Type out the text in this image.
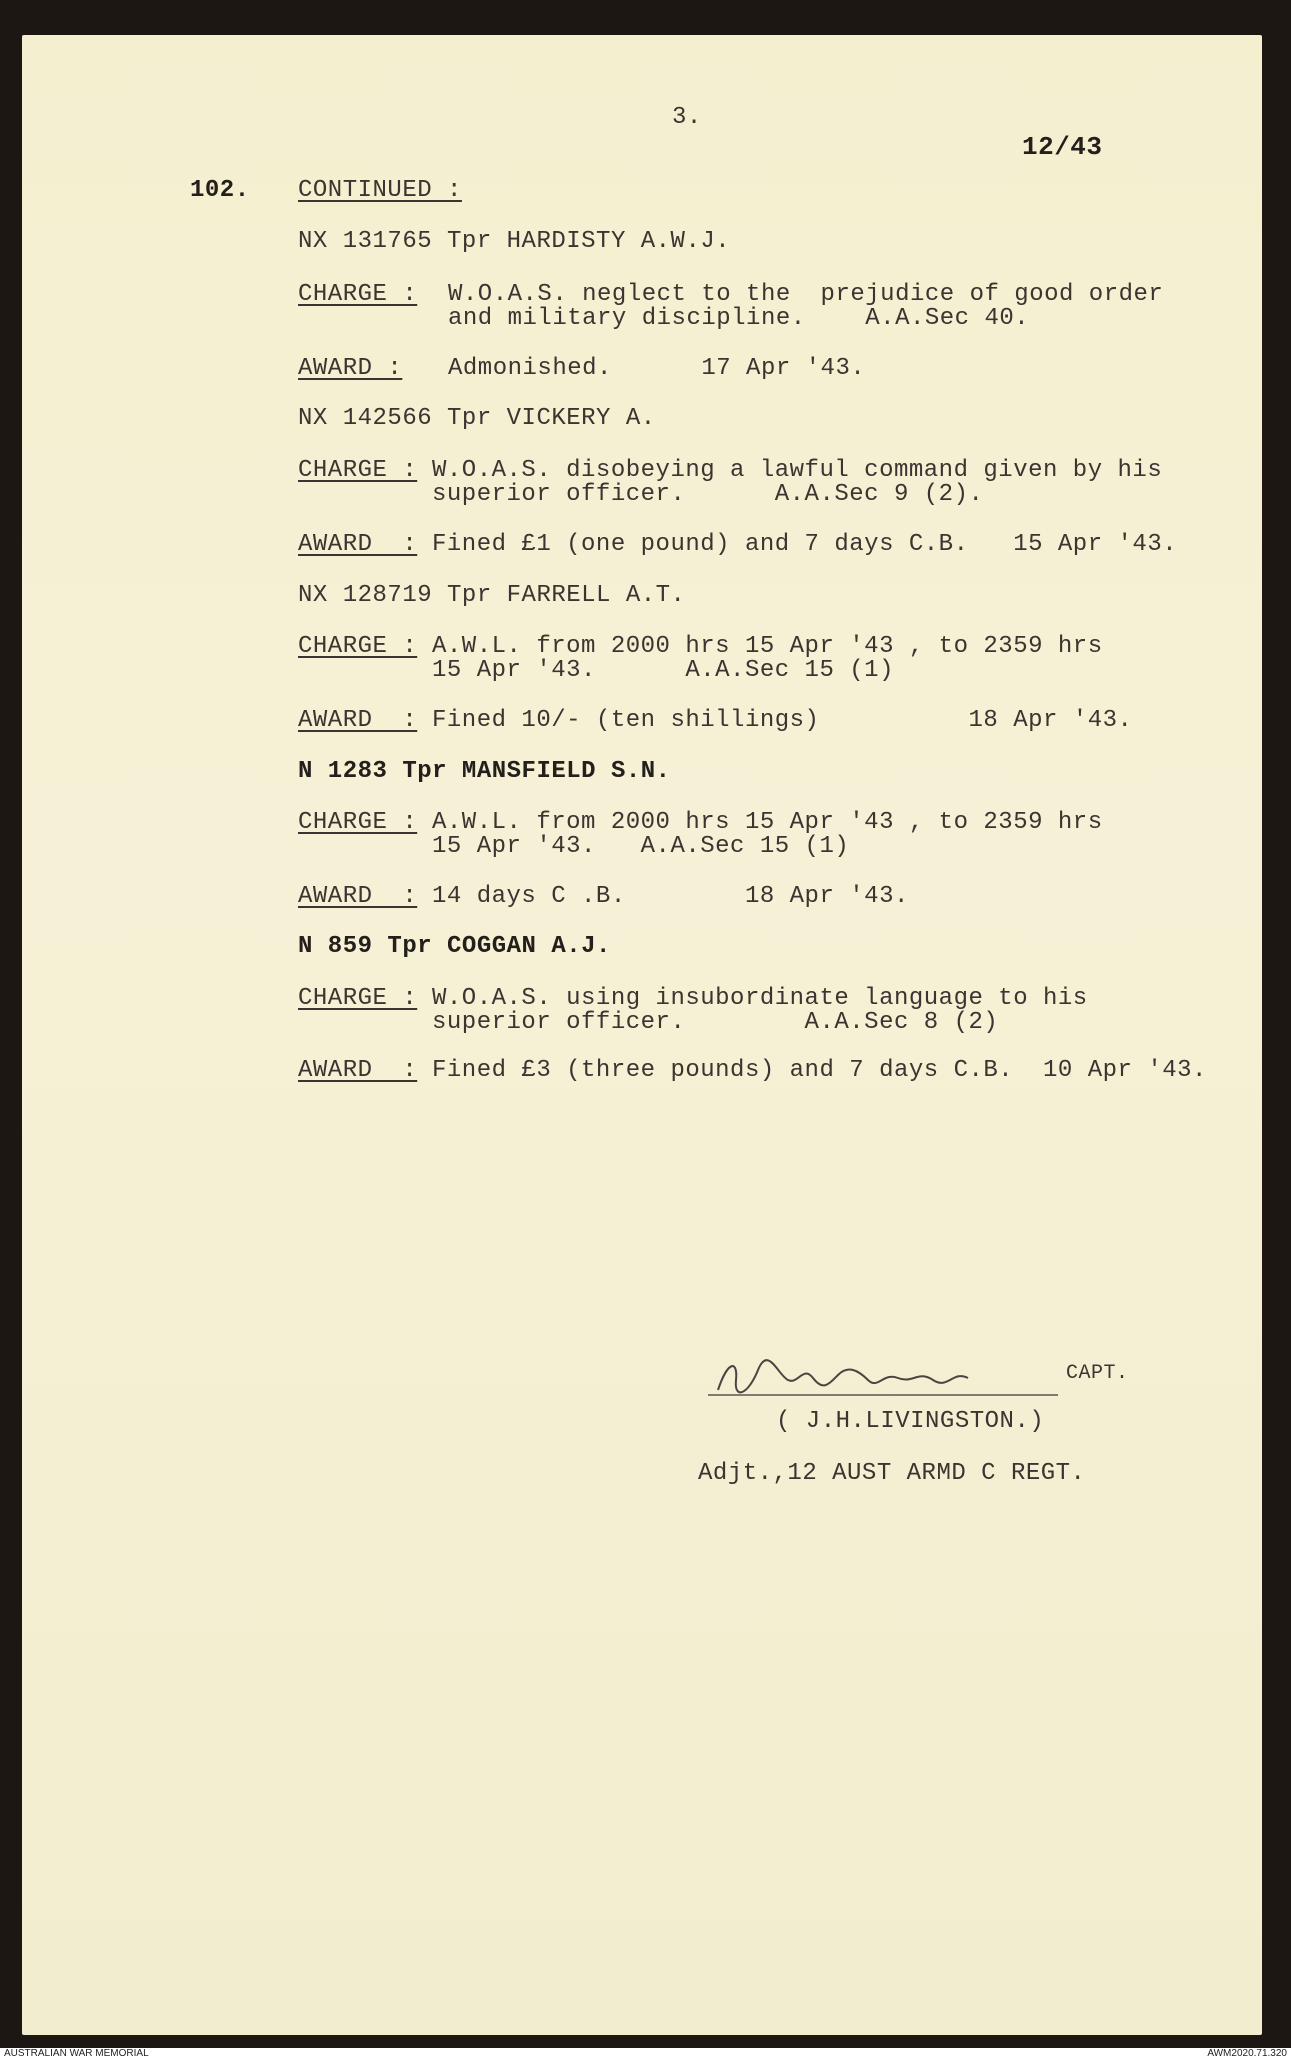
3.
12/43
102. CONTINUED :
NX 131765 Tpr HARDISTY A.W.J.
CHARGE : W.O.A.S. neglect to the  prejudice of good order
and military discipline.    A.A.Sec 40.
AWARD : Admonished.      17 Apr '43.
NX 142566 Tpr VICKERY A.
CHARGE : W.O.A.S. disobeying a lawful command given by his
superior officer.      A.A.Sec 9 (2).
AWARD  : Fined £1 (one pound) and 7 days C.B.   15 Apr '43.
NX 128719 Tpr FARRELL A.T.
CHARGE : A.W.L. from 2000 hrs 15 Apr '43 , to 2359 hrs
15 Apr '43.      A.A.Sec 15 (1)
AWARD  : Fined 10/- (ten shillings)          18 Apr '43.
N 1283 Tpr MANSFIELD S.N.
CHARGE : A.W.L. from 2000 hrs 15 Apr '43 , to 2359 hrs
15 Apr '43.   A.A.Sec 15 (1)
AWARD  : 14 days C .B.        18 Apr '43.
N 859 Tpr COGGAN A.J.
CHARGE : W.O.A.S. using insubordinate language to his
superior officer.        A.A.Sec 8 (2)
AWARD  : Fined £3 (three pounds) and 7 days C.B.  10 Apr '43.
CAPT.
( J.H.LIVINGSTON.)
Adjt.,12 AUST ARMD C REGT.
AUSTRALIAN WAR MEMORIAL	AWM2020.71.320
